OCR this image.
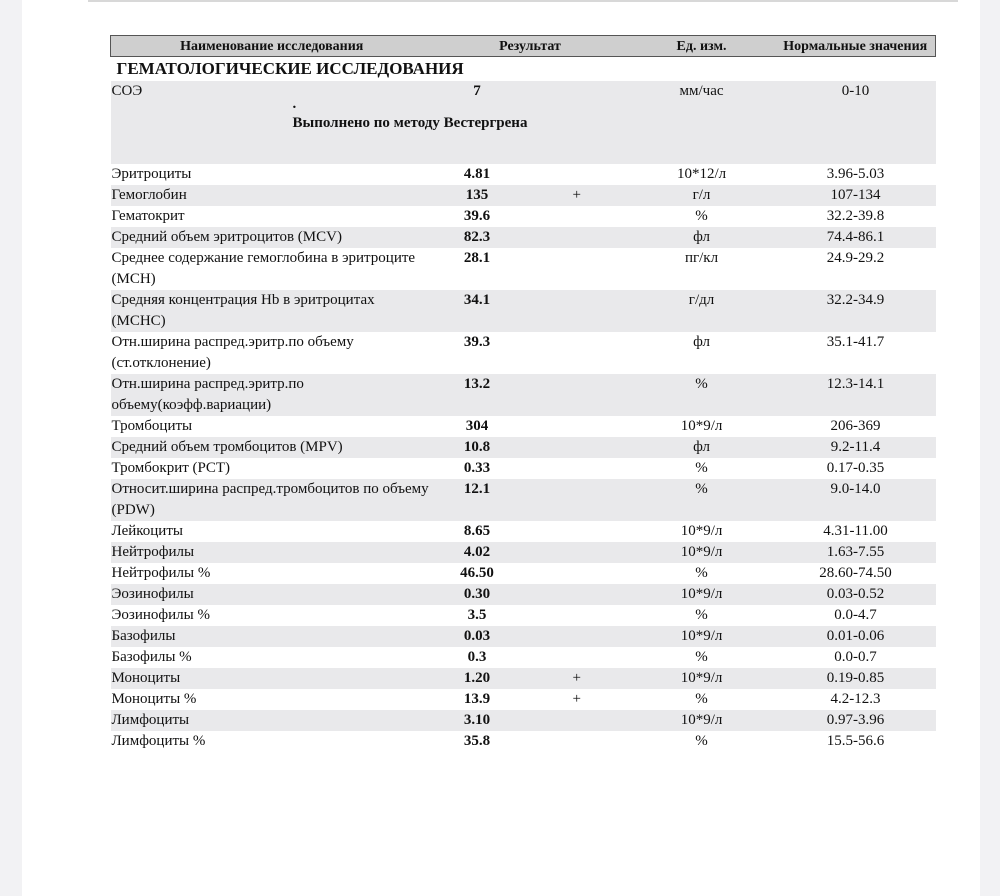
Наименование исследования	Результат		Ед. изм.	Нормальные значения
ГЕМАТОЛОГИЧЕСКИЕ ИССЛЕДОВАНИЯ				
СОЭ	7		мм/час	0-10

.
Выполнено по методу Вестергрена				

Эритроциты	4.81		10*12/л	3.96-5.03
Гемоглобин	135	+	г/л	107-134
Гематокрит	39.6		%	32.2-39.8
Средний объем эритроцитов (MCV)	82.3		фл	74.4-86.1
Среднее содержание гемоглобина в эритроците (MCH)	28.1		пг/кл	24.9-29.2
Средняя концентрация Hb в эритроцитах (MCHC)	34.1		г/дл	32.2-34.9
Отн.ширина распред.эритр.по объему (ст.отклонение)	39.3		фл	35.1-41.7
Отн.ширина распред.эритр.по объему(коэфф.вариации)	13.2		%	12.3-14.1
Тромбоциты	304		10*9/л	206-369
Средний объем тромбоцитов (MPV)	10.8		фл	9.2-11.4
Тромбокрит (PCT)	0.33		%	0.17-0.35
Относит.ширина распред.тромбоцитов по объему (PDW)	12.1		%	9.0-14.0
Лейкоциты	8.65		10*9/л	4.31-11.00
Нейтрофилы	4.02		10*9/л	1.63-7.55
Нейтрофилы %	46.50		%	28.60-74.50
Эозинофилы	0.30		10*9/л	0.03-0.52
Эозинофилы %	3.5		%	0.0-4.7
Базофилы	0.03		10*9/л	0.01-0.06
Базофилы %	0.3		%	0.0-0.7
Моноциты	1.20	+	10*9/л	0.19-0.85
Моноциты %	13.9	+	%	4.2-12.3
Лимфоциты	3.10		10*9/л	0.97-3.96
Лимфоциты %	35.8		%	15.5-56.6
